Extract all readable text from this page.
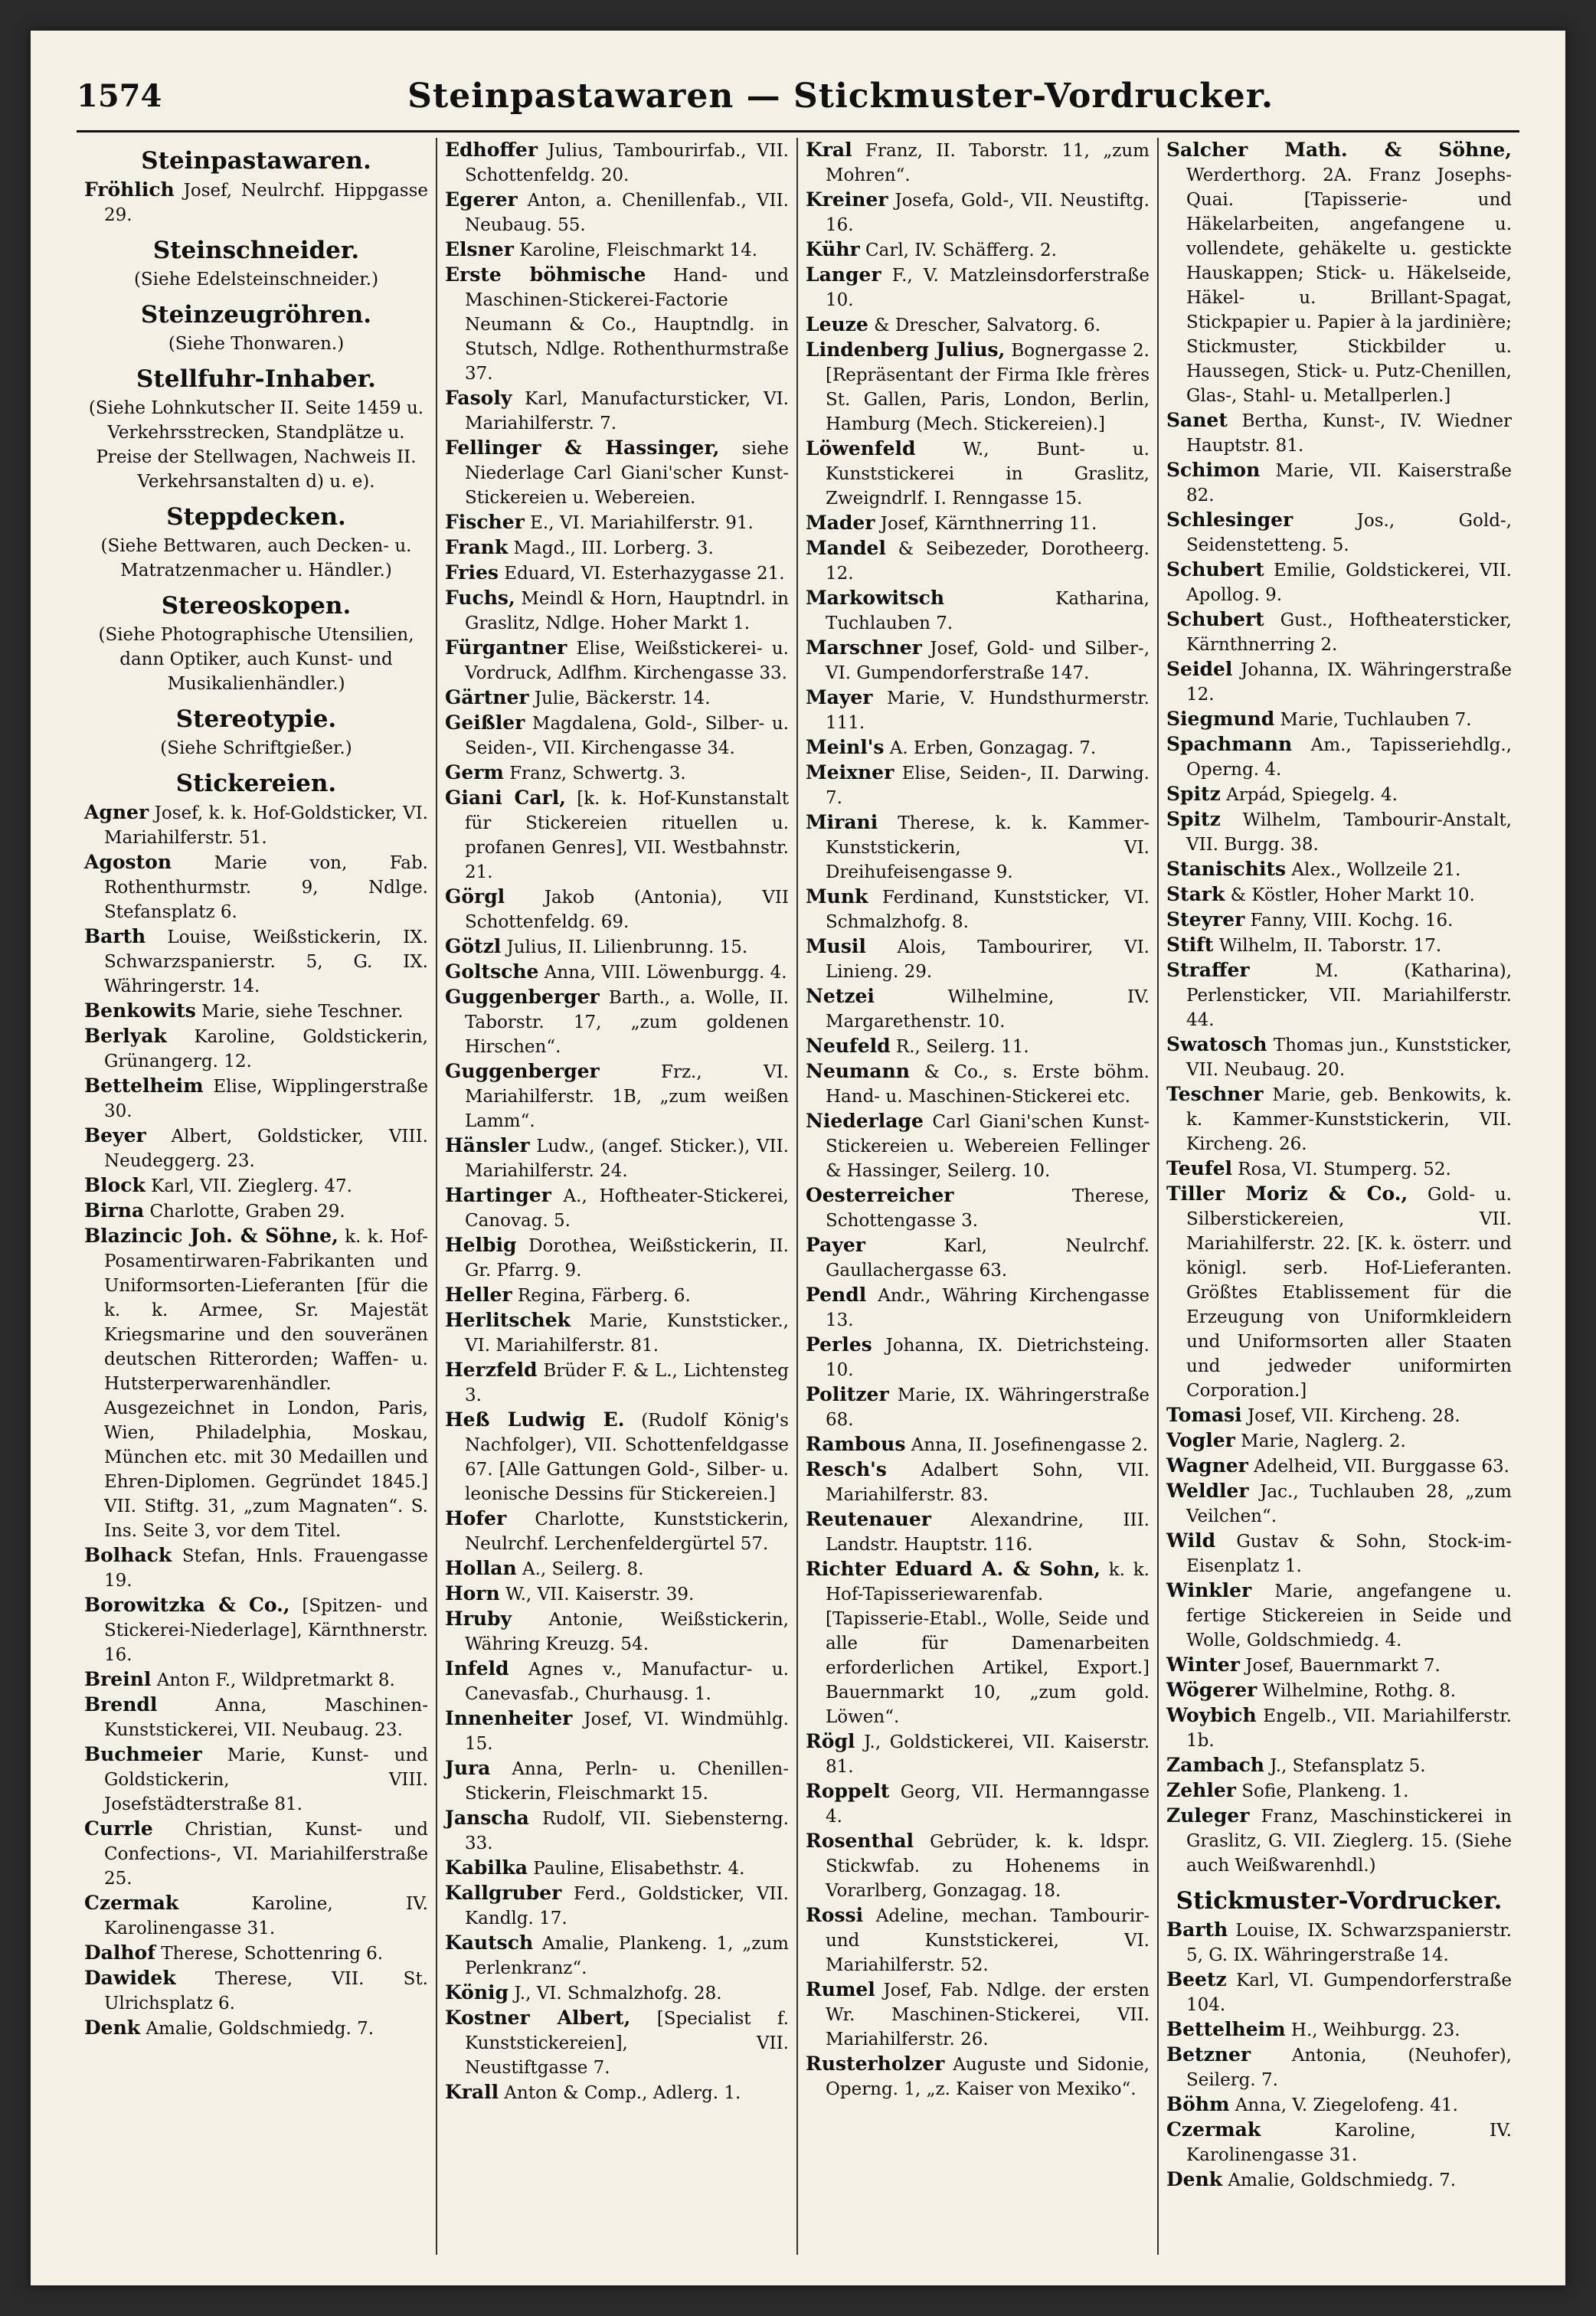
1574	Steinpastawaren — Stickmuster-Vordrucker.
Steinpastawaren.
Fröhlich Josef, Neulrchf. Hippgasse 29.
Steinschneider.
(Siehe Edelsteinschneider.)
Steinzeugröhren.
(Siehe Thonwaren.)
Stellfuhr-Inhaber.
(Siehe Lohnkutscher II. Seite 1459 u. Verkehrsstrecken, Standplätze u. Preise der Stellwagen, Nachweis II. Verkehrsanstalten d) u. e).
Steppdecken.
(Siehe Bettwaren, auch Decken- u. Matratzenmacher u. Händler.)
Stereoskopen.
(Siehe Photographische Utensilien, dann Optiker, auch Kunst- und Musikalienhändler.)
Stereotypie.
(Siehe Schriftgießer.)
Stickereien.
Agner Josef, k. k. Hof-Goldsticker, VI. Mariahilferstr. 51.
Agoston Marie von, Fab. Rothenthurmstr. 9, Ndlge. Stefansplatz 6.
Barth Louise, Weißstickerin, IX. Schwarzspanierstr. 5, G. IX. Währingerstr. 14.
Benkowits Marie, siehe Teschner.
Berlyak Karoline, Goldstickerin, Grünangerg. 12.
Bettelheim Elise, Wipplingerstraße 30.
Beyer Albert, Goldsticker, VIII. Neudeggerg. 23.
Block Karl, VII. Zieglerg. 47.
Birna Charlotte, Graben 29.
Blazincic Joh. & Söhne, k. k. Hof-Posamentirwaren-Fabrikanten und Uniformsorten-Lieferanten [für die k. k. Armee, Sr. Majestät Kriegsmarine und den souveränen deutschen Ritterorden; Waffen- u. Hutsterperwarenhändler. Ausgezeichnet in London, Paris, Wien, Philadelphia, Moskau, München etc. mit 30 Medaillen und Ehren-Diplomen. Gegründet 1845.] VII. Stiftg. 31, „zum Magnaten“. S. Ins. Seite 3, vor dem Titel.
Bolhack Stefan, Hnls. Frauengasse 19.
Borowitzka & Co., [Spitzen- und Stickerei-Niederlage], Kärnthnerstr. 16.
Breinl Anton F., Wildpretmarkt 8.
Brendl Anna, Maschinen-Kunststickerei, VII. Neubaug. 23.
Buchmeier Marie, Kunst- und Goldstickerin, VIII. Josefstädterstraße 81.
Currle Christian, Kunst- und Confections-, VI. Mariahilferstraße 25.
Czermak Karoline, IV. Karolinengasse 31.
Dalhof Therese, Schottenring 6.
Dawidek Therese, VII. St. Ulrichsplatz 6.
Denk Amalie, Goldschmiedg. 7.
Edhoffer Julius, Tambourirfab., VII. Schottenfeldg. 20.
Egerer Anton, a. Chenillenfab., VII. Neubaug. 55.
Elsner Karoline, Fleischmarkt 14.
Erste böhmische Hand- und Maschinen-Stickerei-Factorie Neumann & Co., Hauptndlg. in Stutsch, Ndlge. Rothenthurmstraße 37.
Fasoly Karl, Manufactursticker, VI. Mariahilferstr. 7.
Fellinger & Hassinger, siehe Niederlage Carl Giani'scher Kunst-Stickereien u. Webereien.
Fischer E., VI. Mariahilferstr. 91.
Frank Magd., III. Lorberg. 3.
Fries Eduard, VI. Esterhazygasse 21.
Fuchs, Meindl & Horn, Hauptndrl. in Graslitz, Ndlge. Hoher Markt 1.
Fürgantner Elise, Weißstickerei- u. Vordruck, Adlfhm. Kirchengasse 33.
Gärtner Julie, Bäckerstr. 14.
Geißler Magdalena, Gold-, Silber- u. Seiden-, VII. Kirchengasse 34.
Germ Franz, Schwertg. 3.
Giani Carl, [k. k. Hof-Kunstanstalt für Stickereien rituellen u. profanen Genres], VII. Westbahnstr. 21.
Görgl Jakob (Antonia), VII Schottenfeldg. 69.
Götzl Julius, II. Lilienbrunng. 15.
Goltsche Anna, VIII. Löwenburgg. 4.
Guggenberger Barth., a. Wolle, II. Taborstr. 17, „zum goldenen Hirschen“.
Guggenberger Frz., VI. Mariahilferstr. 1B, „zum weißen Lamm“.
Hänsler Ludw., (angef. Sticker.), VII. Mariahilferstr. 24.
Hartinger A., Hoftheater-Stickerei, Canovag. 5.
Helbig Dorothea, Weißstickerin, II. Gr. Pfarrg. 9.
Heller Regina, Färberg. 6.
Herlitschek Marie, Kunststicker., VI. Mariahilferstr. 81.
Herzfeld Brüder F. & L., Lichtensteg 3.
Heß Ludwig E. (Rudolf König's Nachfolger), VII. Schottenfeldgasse 67. [Alle Gattungen Gold-, Silber- u. leonische Dessins für Stickereien.]
Hofer Charlotte, Kunststickerin, Neulrchf. Lerchenfeldergürtel 57.
Hollan A., Seilerg. 8.
Horn W., VII. Kaiserstr. 39.
Hruby Antonie, Weißstickerin, Währing Kreuzg. 54.
Infeld Agnes v., Manufactur- u. Canevasfab., Churhausg. 1.
Innenheiter Josef, VI. Windmühlg. 15.
Jura Anna, Perln- u. Chenillen-Stickerin, Fleischmarkt 15.
Janscha Rudolf, VII. Siebensterng. 33.
Kabilka Pauline, Elisabethstr. 4.
Kallgruber Ferd., Goldsticker, VII. Kandlg. 17.
Kautsch Amalie, Plankeng. 1, „zum Perlenkranz“.
König J., VI. Schmalzhofg. 28.
Kostner Albert, [Specialist f. Kunststickereien], VII. Neustiftgasse 7.
Krall Anton & Comp., Adlerg. 1.
Kral Franz, II. Taborstr. 11, „zum Mohren“.
Kreiner Josefa, Gold-, VII. Neustiftg. 16.
Kühr Carl, IV. Schäfferg. 2.
Langer F., V. Matzleinsdorferstraße 10.
Leuze & Drescher, Salvatorg. 6.
Lindenberg Julius, Bognergasse 2. [Repräsentant der Firma Ikle frères St. Gallen, Paris, London, Berlin, Hamburg (Mech. Stickereien).]
Löwenfeld W., Bunt- u. Kunststickerei in Graslitz, Zweigndrlf. I. Renngasse 15.
Mader Josef, Kärnthnerring 11.
Mandel & Seibezeder, Dorotheerg. 12.
Markowitsch Katharina, Tuchlauben 7.
Marschner Josef, Gold- und Silber-, VI. Gumpendorferstraße 147.
Mayer Marie, V. Hundsthurmerstr. 111.
Meinl's A. Erben, Gonzagag. 7.
Meixner Elise, Seiden-, II. Darwing. 7.
Mirani Therese, k. k. Kammer-Kunststickerin, VI. Dreihufeisengasse 9.
Munk Ferdinand, Kunststicker, VI. Schmalzhofg. 8.
Musil Alois, Tambourirer, VI. Linieng. 29.
Netzei Wilhelmine, IV. Margarethenstr. 10.
Neufeld R., Seilerg. 11.
Neumann & Co., s. Erste böhm. Hand- u. Maschinen-Stickerei etc.
Niederlage Carl Giani'schen Kunst-Stickereien u. Webereien Fellinger & Hassinger, Seilerg. 10.
Oesterreicher Therese, Schottengasse 3.
Payer Karl, Neulrchf. Gaullachergasse 63.
Pendl Andr., Währing Kirchengasse 13.
Perles Johanna, IX. Dietrichsteing. 10.
Politzer Marie, IX. Währingerstraße 68.
Rambous Anna, II. Josefinengasse 2.
Resch's Adalbert Sohn, VII. Mariahilferstr. 83.
Reutenauer Alexandrine, III. Landstr. Hauptstr. 116.
Richter Eduard A. & Sohn, k. k. Hof-Tapisseriewarenfab. [Tapisserie-Etabl., Wolle, Seide und alle für Damenarbeiten erforderlichen Artikel, Export.] Bauernmarkt 10, „zum gold. Löwen“.
Rögl J., Goldstickerei, VII. Kaiserstr. 81.
Roppelt Georg, VII. Hermanngasse 4.
Rosenthal Gebrüder, k. k. ldspr. Stickwfab. zu Hohenems in Vorarlberg, Gonzagag. 18.
Rossi Adeline, mechan. Tambourir- und Kunststickerei, VI. Mariahilferstr. 52.
Rumel Josef, Fab. Ndlge. der ersten Wr. Maschinen-Stickerei, VII. Mariahilferstr. 26.
Rusterholzer Auguste und Sidonie, Operng. 1, „z. Kaiser von Mexiko“.
Salcher Math. & Söhne, Werderthorg. 2A. Franz Josephs-Quai. [Tapisserie- und Häkelarbeiten, angefangene u. vollendete, gehäkelte u. gestickte Hauskappen; Stick- u. Häkelseide, Häkel- u. Brillant-Spagat, Stickpapier u. Papier à la jardinière; Stickmuster, Stickbilder u. Haussegen, Stick- u. Putz-Chenillen, Glas-, Stahl- u. Metallperlen.]
Sanet Bertha, Kunst-, IV. Wiedner Hauptstr. 81.
Schimon Marie, VII. Kaiserstraße 82.
Schlesinger Jos., Gold-, Seidenstetteng. 5.
Schubert Emilie, Goldstickerei, VII. Apollog. 9.
Schubert Gust., Hoftheatersticker, Kärnthnerring 2.
Seidel Johanna, IX. Währingerstraße 12.
Siegmund Marie, Tuchlauben 7.
Spachmann Am., Tapisseriehdlg., Operng. 4.
Spitz Arpád, Spiegelg. 4.
Spitz Wilhelm, Tambourir-Anstalt, VII. Burgg. 38.
Stanischits Alex., Wollzeile 21.
Stark & Köstler, Hoher Markt 10.
Steyrer Fanny, VIII. Kochg. 16.
Stift Wilhelm, II. Taborstr. 17.
Straffer M. (Katharina), Perlensticker, VII. Mariahilferstr. 44.
Swatosch Thomas jun., Kunststicker, VII. Neubaug. 20.
Teschner Marie, geb. Benkowits, k. k. Kammer-Kunststickerin, VII. Kircheng. 26.
Teufel Rosa, VI. Stumperg. 52.
Tiller Moriz & Co., Gold- u. Silberstickereien, VII. Mariahilferstr. 22. [K. k. österr. und königl. serb. Hof-Lieferanten. Größtes Etablissement für die Erzeugung von Uniformkleidern und Uniformsorten aller Staaten und jedweder uniformirten Corporation.]
Tomasi Josef, VII. Kircheng. 28.
Vogler Marie, Naglerg. 2.
Wagner Adelheid, VII. Burggasse 63.
Weldler Jac., Tuchlauben 28, „zum Veilchen“.
Wild Gustav & Sohn, Stock-im-Eisenplatz 1.
Winkler Marie, angefangene u. fertige Stickereien in Seide und Wolle, Goldschmiedg. 4.
Winter Josef, Bauernmarkt 7.
Wögerer Wilhelmine, Rothg. 8.
Woybich Engelb., VII. Mariahilferstr. 1b.
Zambach J., Stefansplatz 5.
Zehler Sofie, Plankeng. 1.
Zuleger Franz, Maschinstickerei in Graslitz, G. VII. Zieglerg. 15. (Siehe auch Weißwarenhdl.)
Stickmuster-Vordrucker.
Barth Louise, IX. Schwarzspanierstr. 5, G. IX. Währingerstraße 14.
Beetz Karl, VI. Gumpendorferstraße 104.
Bettelheim H., Weihburgg. 23.
Betzner Antonia, (Neuhofer), Seilerg. 7.
Böhm Anna, V. Ziegelofeng. 41.
Czermak Karoline, IV. Karolinengasse 31.
Denk Amalie, Goldschmiedg. 7.
